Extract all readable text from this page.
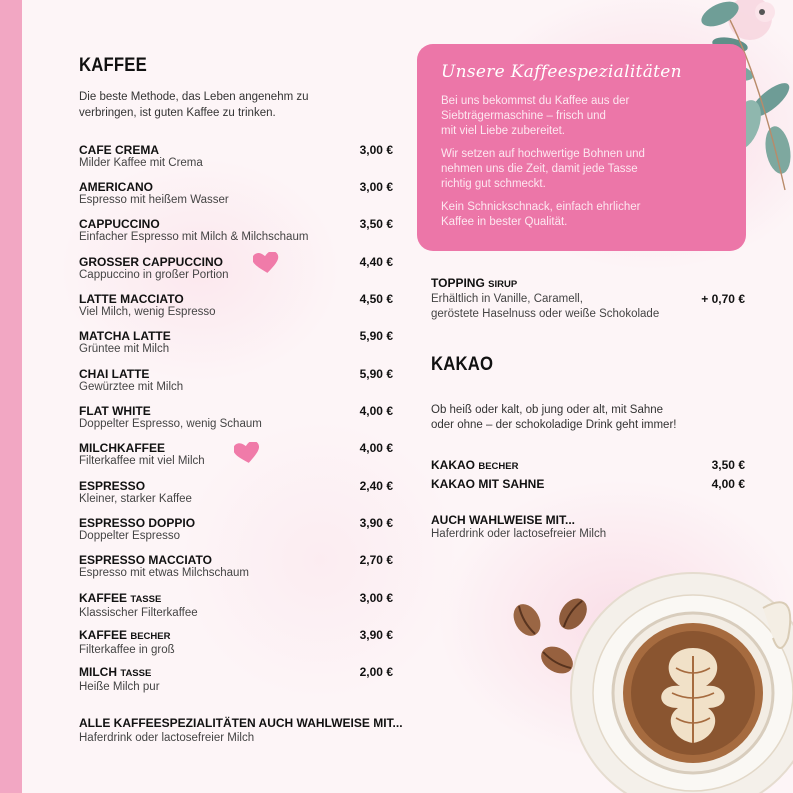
KAFFEE
Die beste Methode, das Leben angenehm zu
verbringen, ist guten Kaffee zu trinken.
CAFE CREMA
Milder Kaffee mit Crema
3,00 €
AMERICANO
Espresso mit heißem Wasser
3,00 €
CAPPUCCINO
Einfacher Espresso mit Milch & Milchschaum
3,50 €
GROSSER CAPPUCCINO
Cappuccino in großer Portion
4,40 €
LATTE MACCIATO
Viel Milch, wenig Espresso
4,50 €
MATCHA LATTE
Grüntee mit Milch
5,90 €
CHAI LATTE
Gewürztee mit Milch
5,90 €
FLAT WHITE
Doppelter Espresso, wenig Schaum
4,00 €
MILCHKAFFEE
Filterkaffee mit viel Milch
4,00 €
ESPRESSO
Kleiner, starker Kaffee
2,40 €
ESPRESSO DOPPIO
Doppelter Espresso
3,90 €
ESPRESSO MACCIATO
Espresso mit etwas Milchschaum
2,70 €
KAFFEE TASSE
Klassischer Filterkaffee
3,00 €
KAFFEE BECHER
Filterkaffee in groß
3,90 €
MILCH TASSE
Heiße Milch pur
2,00 €
ALLE KAFFEESPEZIALITÄTEN AUCH WAHLWEISE MIT...
Haferdrink oder lactosefreier Milch
Unsere Kaffeespezialitäten

Bei uns bekommst du Kaffee aus der
Siebträgermaschine – frisch und
mit viel Liebe zubereitet.

Wir setzen auf hochwertige Bohnen und
nehmen uns die Zeit, damit jede Tasse
richtig gut schmeckt.

Kein Schnickschnack, einfach ehrlicher
Kaffee in bester Qualität.

TOPPING SIRUP
Erhältlich in Vanille, Caramell,
geröstete Haselnuss oder weiße Schokolade
+ 0,70 €
KAKAO
Ob heiß oder kalt, ob jung oder alt, mit Sahne
oder ohne – der schokoladige Drink geht immer!
KAKAO BECHER	3,50 €
KAKAO MIT SAHNE	4,00 €
AUCH WAHLWEISE MIT...
Haferdrink oder lactosefreier Milch
